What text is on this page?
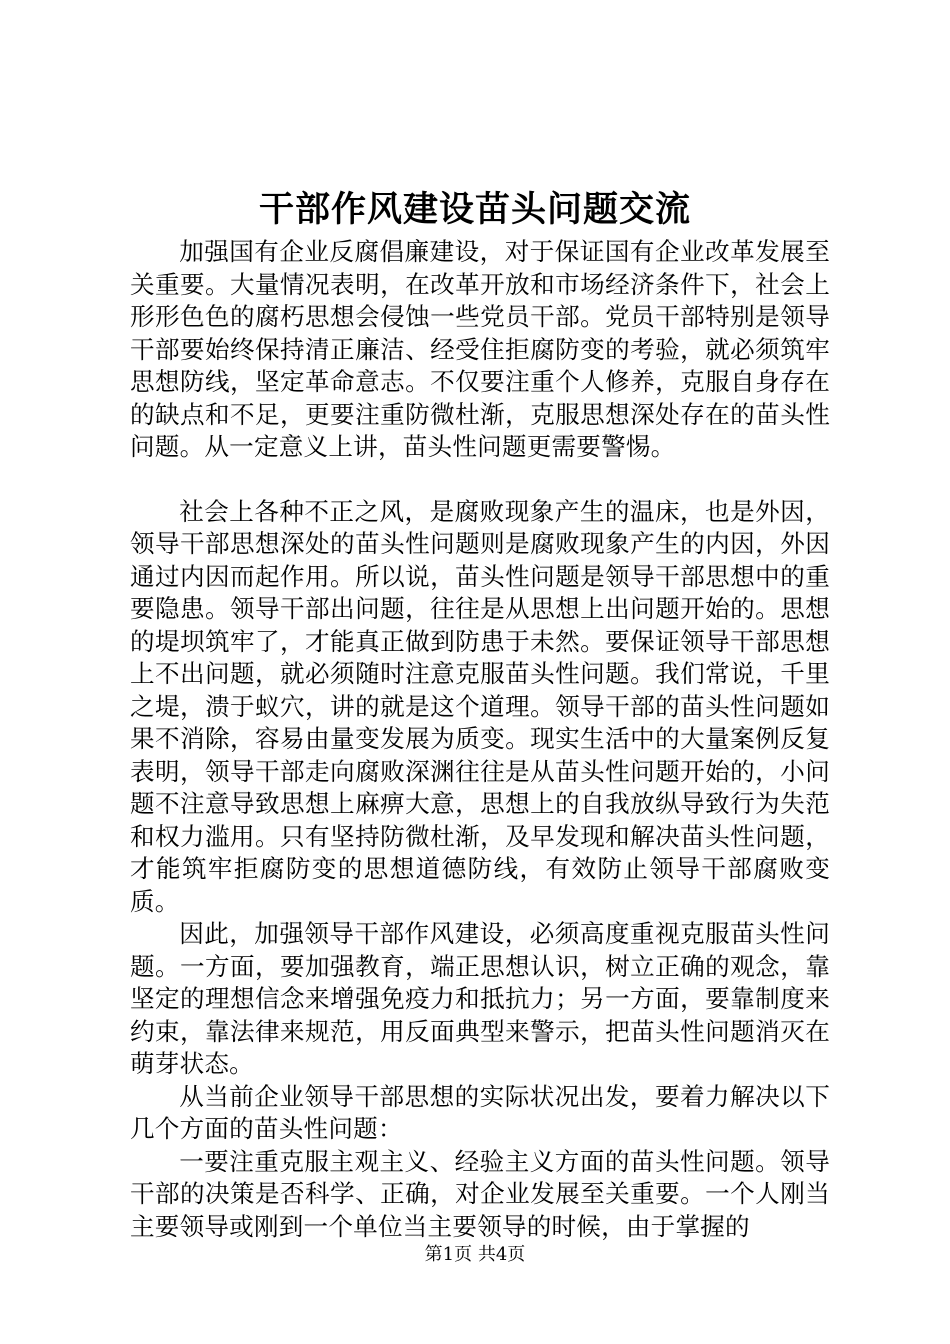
干部作风建设苗头问题交流

加强国有企业反腐倡廉建设，对于保证国有企业改革发展至关重要。大量情况表明，在改革开放和市场经济条件下，社会上形形色色的腐朽思想会侵蚀一些党员干部。党员干部特别是领导干部要始终保持清正廉洁、经受住拒腐防变的考验，就必须筑牢思想防线，坚定革命意志。不仅要注重个人修养，克服自身存在的缺点和不足，更要注重防微杜渐，克服思想深处存在的苗头性问题。从一定意义上讲，苗头性问题更需要警惕。

社会上各种不正之风，是腐败现象产生的温床，也是外因，领导干部思想深处的苗头性问题则是腐败现象产生的内因，外因通过内因而起作用。所以说，苗头性问题是领导干部思想中的重要隐患。领导干部出问题，往往是从思想上出问题开始的。思想的堤坝筑牢了，才能真正做到防患于未然。要保证领导干部思想上不出问题，就必须随时注意克服苗头性问题。我们常说，千里之堤，溃于蚁穴，讲的就是这个道理。领导干部的苗头性问题如果不消除，容易由量变发展为质变。现实生活中的大量案例反复表明，领导干部走向腐败深渊往往是从苗头性问题开始的，小问题不注意导致思想上麻痹大意，思想上的自我放纵导致行为失范和权力滥用。只有坚持防微杜渐，及早发现和解决苗头性问题，才能筑牢拒腐防变的思想道德防线，有效防止领导干部腐败变质。

因此，加强领导干部作风建设，必须高度重视克服苗头性问题。一方面，要加强教育，端正思想认识，树立正确的观念，靠坚定的理想信念来增强免疫力和抵抗力；另一方面，要靠制度来约束，靠法律来规范，用反面典型来警示，把苗头性问题消灭在萌芽状态。

从当前企业领导干部思想的实际状况出发，要着力解决以下几个方面的苗头性问题：

一要注重克服主观主义、经验主义方面的苗头性问题。领导干部的决策是否科学、正确，对企业发展至关重要。一个人刚当主要领导或刚到一个单位当主要领导的时候，由于掌握的

第1页 共4页
